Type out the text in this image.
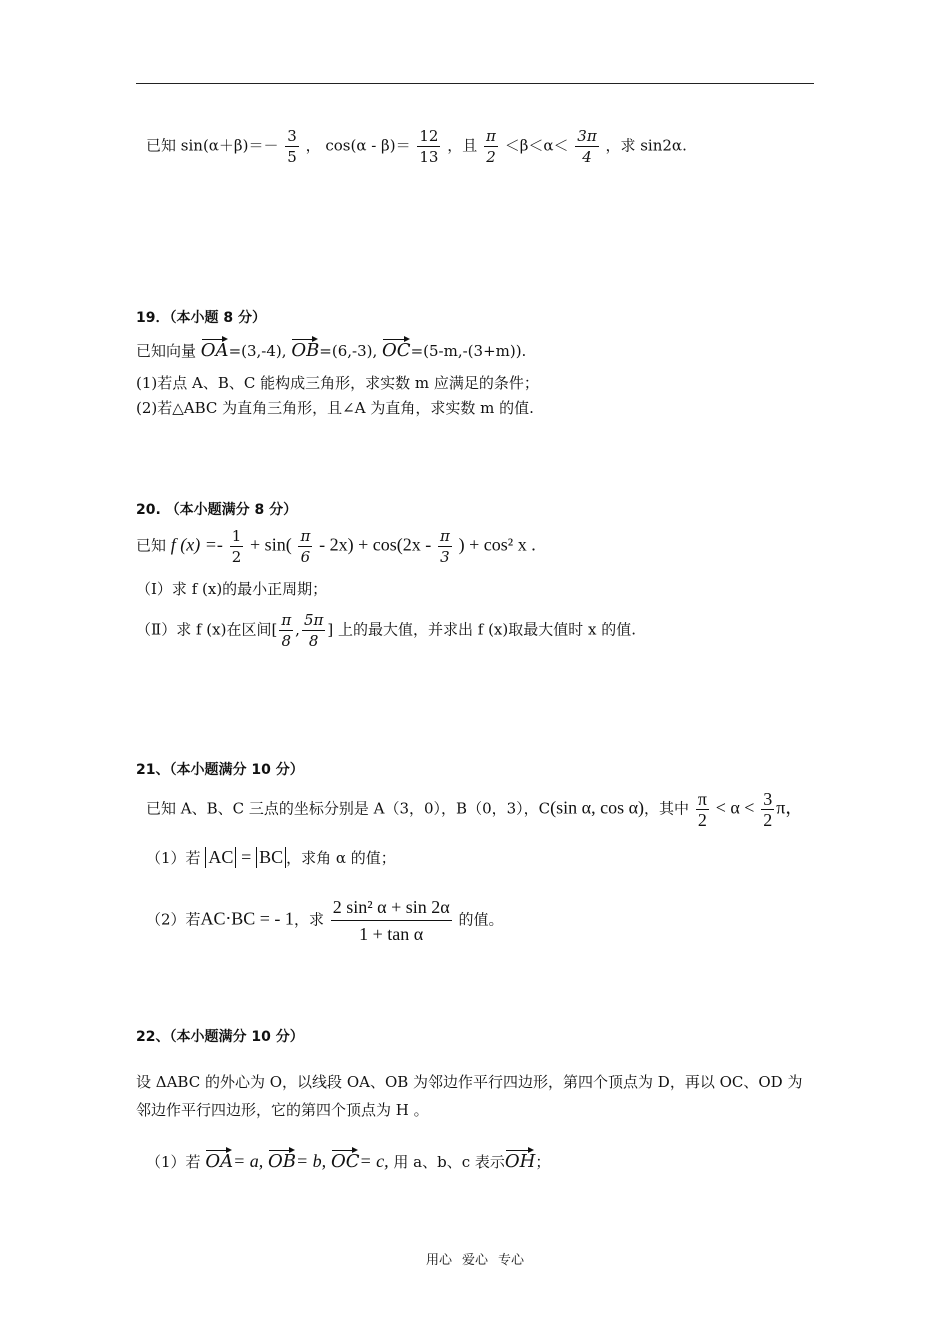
已知 $\sin(\alpha+\beta)=- \frac{3}{5}$ ， $\cos(\alpha - \beta)= \frac{12}{13}$ ，且 $\frac{\pi}{2} <\beta<\alpha< \frac{3\pi}{4}$ ，求 sin2α.
19．（本小题 8 分）
已知向量 OA=(3,-4), OB=(6,-3), OC=(5-m,-(3+m)).
(1)若点 A、B、C 能构成三角形，求实数 m 应满足的条件；
(2)若△ABC 为直角三角形，且∠A 为直角，求实数 m 的值.
20. （本小题满分 8 分）
已知 f $(x) =- \frac{1}{2} + \sin( \frac{\pi}{6} - 2x) + \cos(2x - \frac{\pi}{3}$ ) + cos² x .
（Ⅰ）求 f (x)的最小正周期；
（Ⅱ）求 f (x)在区间[ $\frac{\pi}{8}$ , $\frac{5\pi}{8}$ ] 上的最大值，并求出 f (x)取最大值时 x 的值.
21、（本小题满分 10 分）
已知 A、B、C 三点的坐标分别是 A（3，0），B（0，3），C(sin α, cos α)，其中 $\frac{\pi}{2} < \alpha < \frac{3}{2}$ π，
（1）若 AC = BC ，求角 α 的值；
（2）若AC⋅BC = - 1，求 $\frac{\text{2 sin² α + sin 2α}}{\text{1 + tan α}}$ 的值。
22、（本小题满分 10 分）
设 ΔABC 的外心为 O，以线段 OA、OB 为邻边作平行四边形，第四个顶点为 D，再以 OC、OD 为
邻边作平行四边形，它的第四个顶点为 H 。
（1）若 OA= a, OB= b, OC= c, 用 a、b、c 表示OH；
用心 爱心 专心
